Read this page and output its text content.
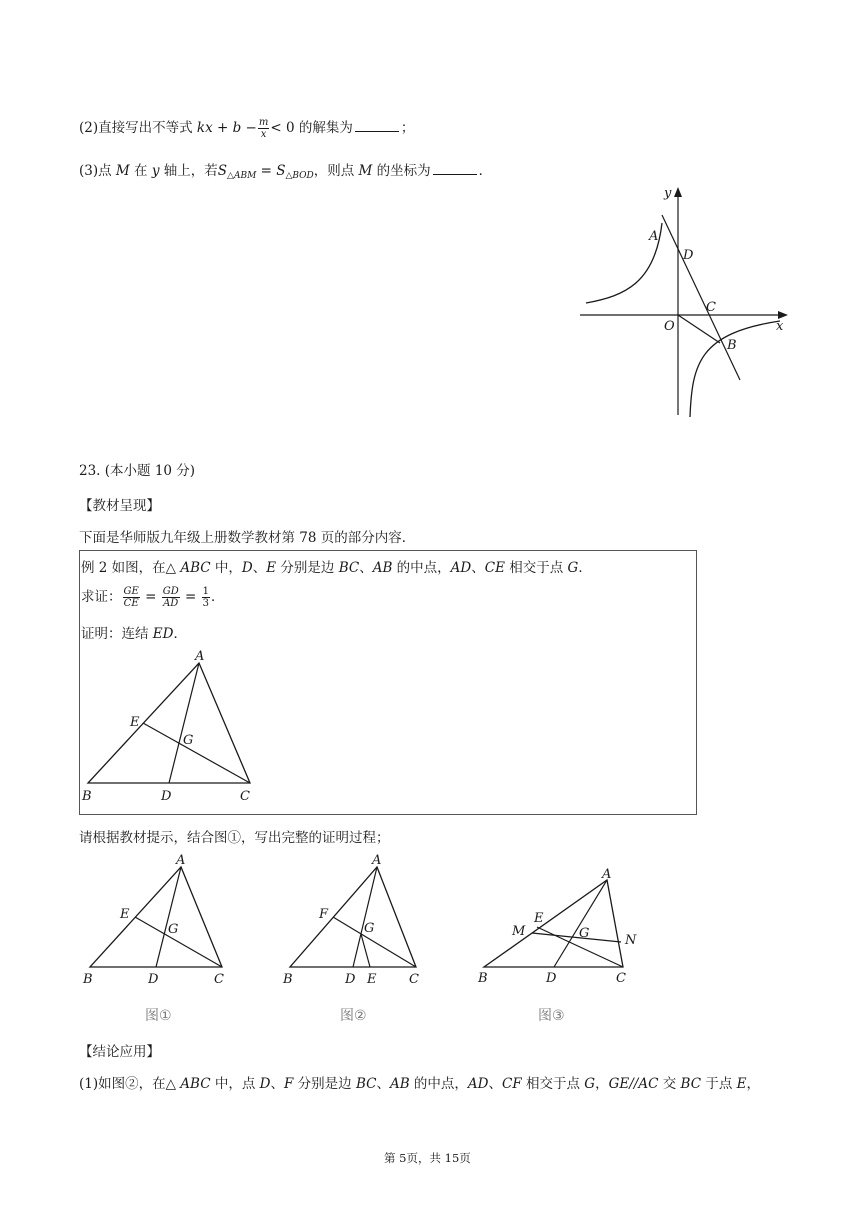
(2)直接写出不等式 kx + $b - \frac{m}{x} < 0$ 的解集为	；
(3)点 M 在 y 轴上，若$S_{\triangle ABM} = S_{\triangle BOD}$，则点 M 的坐标为	．
y
x
A
D
C
O
B
23. (本小题 10 分)
【教材呈现】
下面是华师版九年级上册数学教材第 78 页的部分内容．
例 2 如图，在△ ABC 中，D、E 分别是边 BC、AB 的中点，AD、CE 相交于点 G．
求证： $\frac{GE}{CE} = \frac{GD}{AD} = \frac{1}{3}$ ．
证明：连结 ED．
A
E
G
B	D	C
请根据教材提示，结合图①，写出完整的证明过程；
A
E
G
B	D	C
A
F
G
B	D E	C
A
M
E
G	N
B	D	C
图①	图②	图③
【结论应用】
(1)如图②，在△ ABC 中，点 D、F 分别是边 BC、AB 的中点，AD、CF 相交于点 G，GE//AC 交 BC 于点 E，
第 5页，共 15页
